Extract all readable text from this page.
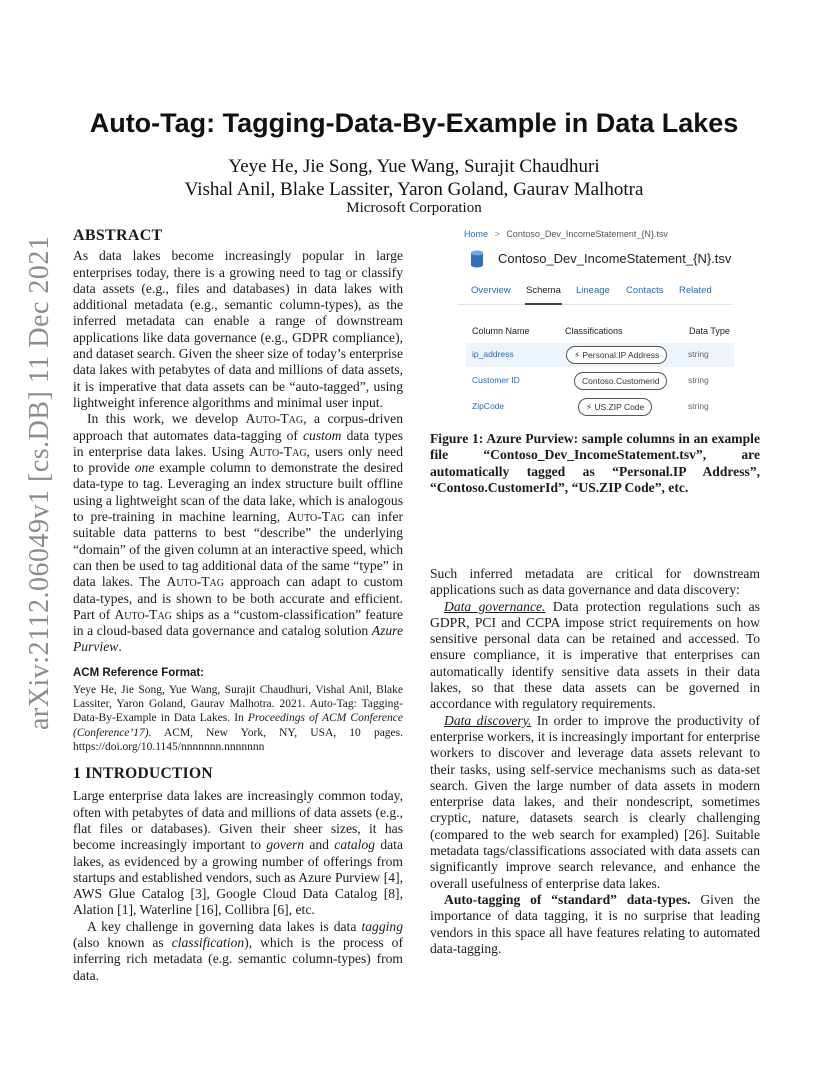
arXiv:2112.06049v1 [cs.DB] 11 Dec 2021
Auto-Tag: Tagging-Data-By-Example in Data Lakes
Yeye He, Jie Song, Yue Wang, Surajit Chaudhuri
Vishal Anil, Blake Lassiter, Yaron Goland, Gaurav Malhotra
Microsoft Corporation

ABSTRACT

As data lakes become increasingly popular in large enterprises today, there is a growing need to tag or classify data assets (e.g., files and databases) in data lakes with additional metadata (e.g., semantic column-types), as the inferred metadata can enable a range of downstream applications like data governance (e.g., GDPR compliance), and dataset search. Given the sheer size of today’s enterprise data lakes with petabytes of data and millions of data assets, it is imperative that data assets can be “auto-tagged”, using lightweight inference algorithms and minimal user input.

In this work, we develop Auto-Tag, a corpus-driven approach that automates data-tagging of custom data types in enterprise data lakes. Using Auto-Tag, users only need to provide one example column to demonstrate the desired data-type to tag. Leveraging an index structure built offline using a lightweight scan of the data lake, which is analogous to pre-training in machine learning, Auto-Tag can infer suitable data patterns to best “describe” the underlying “domain” of the given column at an interactive speed, which can then be used to tag additional data of the same “type” in data lakes. The Auto-Tag approach can adapt to custom data-types, and is shown to be both accurate and efficient. Part of Auto-Tag ships as a “custom-classification” feature in a cloud-based data governance and catalog solution Azure Purview.

ACM Reference Format:

Yeye He, Jie Song, Yue Wang, Surajit Chaudhuri, Vishal Anil, Blake Lassiter, Yaron Goland, Gaurav Malhotra. 2021. Auto-Tag: Tagging-Data-By-Example in Data Lakes. In Proceedings of ACM Conference (Conference’17). ACM, New York, NY, USA, 10 pages. https://doi.org/10.1145/nnnnnnn.nnnnnnn

1 INTRODUCTION

Large enterprise data lakes are increasingly common today, often with petabytes of data and millions of data assets (e.g., flat files or databases). Given their sheer sizes, it has become increasingly important to govern and catalog data lakes, as evidenced by a growing number of offerings from startups and established vendors, such as Azure Purview [4], AWS Glue Catalog [3], Google Cloud Data Catalog [8], Alation [1], Waterline [16], Collibra [6], etc.

A key challenge in governing data lakes is data tagging (also known as classification), which is the process of inferring rich metadata (e.g. semantic column-types) from data.

Home > Contoso_Dev_IncomeStatement_{N}.tsv
Contoso_Dev_IncomeStatement_{N}.tsv
Overview Schema Lineage Contacts Related
Column Name	Classifications	Data Type
ip_address	⚡ Personal.IP Address	string
Customer ID	Contoso.Customerid	string
ZipCode	⚡ US.ZIP Code	string
Figure 1: Azure Purview: sample columns in an example file “Contoso_Dev_IncomeStatement.tsv”, are automatically tagged as “Personal.IP Address”, “Contoso.CustomerId”, “US.ZIP Code”, etc.

Such inferred metadata are critical for downstream applications such as data governance and data discovery:

Data governance. Data protection regulations such as GDPR, PCI and CCPA impose strict requirements on how sensitive personal data can be retained and accessed. To ensure compliance, it is imperative that enterprises can automatically identify sensitive data assets in their data lakes, so that these data assets can be governed in accordance with regulatory requirements.

Data discovery. In order to improve the productivity of enterprise workers, it is increasingly important for enterprise workers to discover and leverage data assets relevant to their tasks, using self-service mechanisms such as data-set search. Given the large number of data assets in modern enterprise data lakes, and their nondescript, sometimes cryptic, nature, datasets search is clearly challenging (compared to the web search for exampled) [26]. Suitable metadata tags/classifications associated with data assets can significantly improve search relevance, and enhance the overall usefulness of enterprise data lakes.

Auto-tagging of “standard” data-types. Given the importance of data tagging, it is no surprise that leading vendors in this space all have features relating to automated data-tagging.
